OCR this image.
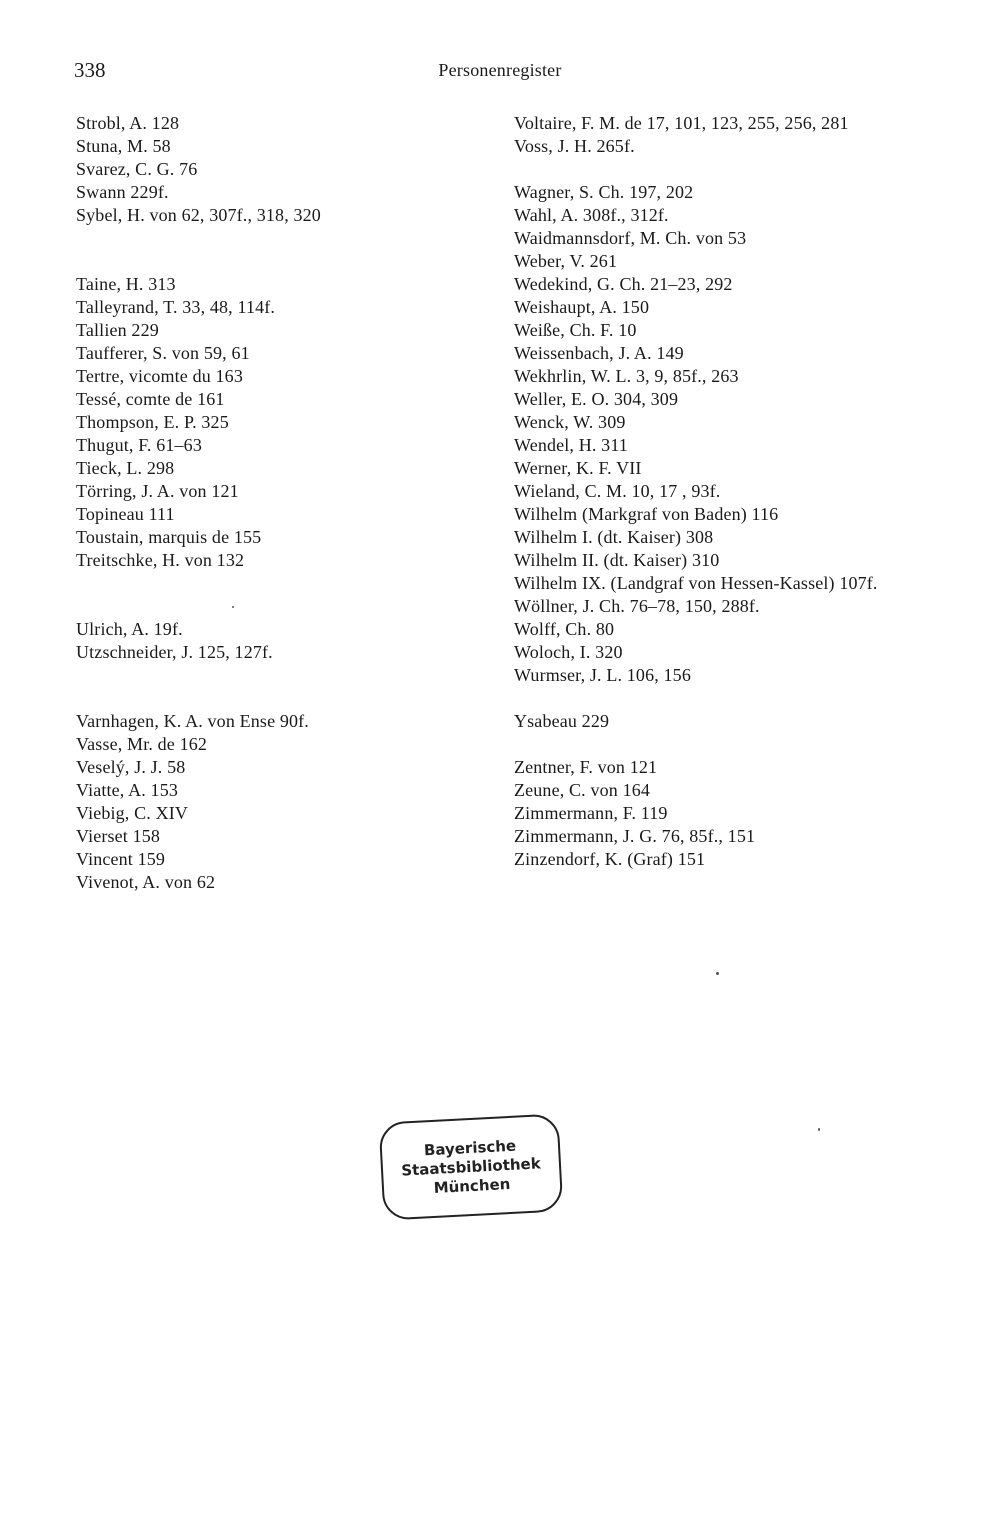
338	Personenregister
Strobl, A. 128
Stuna, M. 58
Svarez, C. G. 76
Swann 229f.
Sybel, H. von 62, 307f., 318, 320
Taine, H. 313
Talleyrand, T. 33, 48, 114f.
Tallien 229
Taufferer, S. von 59, 61
Tertre, vicomte du 163
Tessé, comte de 161
Thompson, E. P. 325
Thugut, F. 61–63
Tieck, L. 298
Törring, J. A. von 121
Topineau 111
Toustain, marquis de 155
Treitschke, H. von 132
Ulrich, A. 19f.
Utzschneider, J. 125, 127f.
Varnhagen, K. A. von Ense 90f.
Vasse, Mr. de 162
Veselý, J. J. 58
Viatte, A. 153
Viebig, C. XIV
Vierset 158
Vincent 159
Vivenot, A. von 62
Voltaire, F. M. de 17, 101, 123, 255, 256, 281
Voss, J. H. 265f.
Wagner, S. Ch. 197, 202
Wahl, A. 308f., 312f.
Waidmannsdorf, M. Ch. von 53
Weber, V. 261
Wedekind, G. Ch. 21–23, 292
Weishaupt, A. 150
Weiße, Ch. F. 10
Weissenbach, J. A. 149
Wekhrlin, W. L. 3, 9, 85f., 263
Weller, E. O. 304, 309
Wenck, W. 309
Wendel, H. 311
Werner, K. F. VII
Wieland, C. M. 10, 17 , 93f.
Wilhelm (Markgraf von Baden) 116
Wilhelm I. (dt. Kaiser) 308
Wilhelm II. (dt. Kaiser) 310
Wilhelm IX. (Landgraf von Hessen-Kassel) 107f.
Wöllner, J. Ch. 76–78, 150, 288f.
Wolff, Ch. 80
Woloch, I. 320
Wurmser, J. L. 106, 156
Ysabeau 229
Zentner, F. von 121
Zeune, C. von 164
Zimmermann, F. 119
Zimmermann, J. G. 76, 85f., 151
Zinzendorf, K. (Graf) 151
Bayerische
Staatsbibliothek
München
